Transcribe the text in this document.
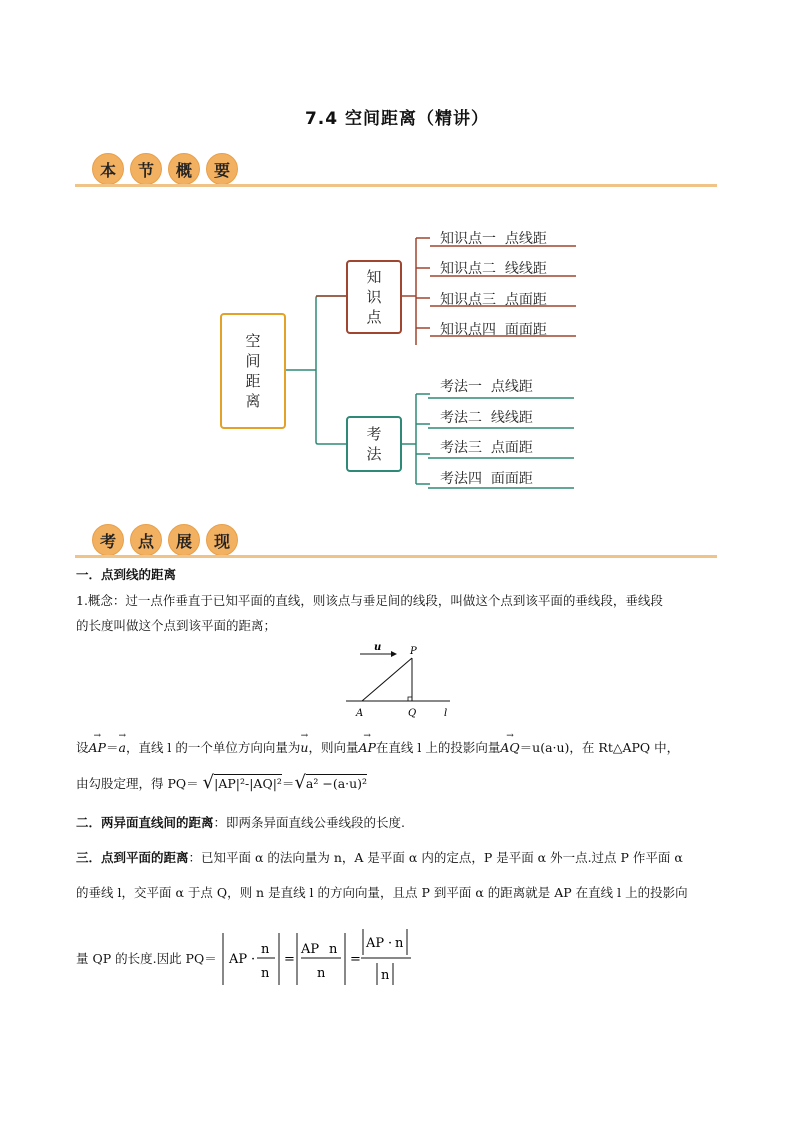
7.4 空间距离（精讲）
本	节	概	要
空
间
距
离
知
识
点
考
法
知识点一  点线距
知识点二  线线距
知识点三  点面距
知识点四  面面距
考法一  点线距
考法二  线线距
考法三  点面距
考法四  面面距
考	点	展	现
一．点到线的距离
1.概念：过一点作垂直于已知平面的直线，则该点与垂足间的线段，叫做这个点到该平面的垂线段，垂线段
的长度叫做这个点到该平面的距离；
u	P
A	Q	l
设→ AP＝→ a，直线 l 的一个单位方向向量为→ u，则向量→ AP在直线 l 上的投影向量→ AQ＝u(a·u)，在 Rt△APQ 中，
由勾股定理，得 PQ＝ √|AP|²-|AQ|²＝√a² −(a·u)²
二．两异面直线间的距离：即两条异面直线公垂线段的长度.
三．点到平面的距离：已知平面 α 的法向量为 n，A 是平面 α 内的定点，P 是平面 α 外一点.过点 P 作平面 α
的垂线 l，交平面 α 于点 Q，则 n 是直线 l 的方向向量，且点 P 到平面 α 的距离就是 AP 在直线 l 上的投影向
量 QP 的长度.因此 PQ＝ AP ·
n
n
=
AP n
n
=
AP · n
n
